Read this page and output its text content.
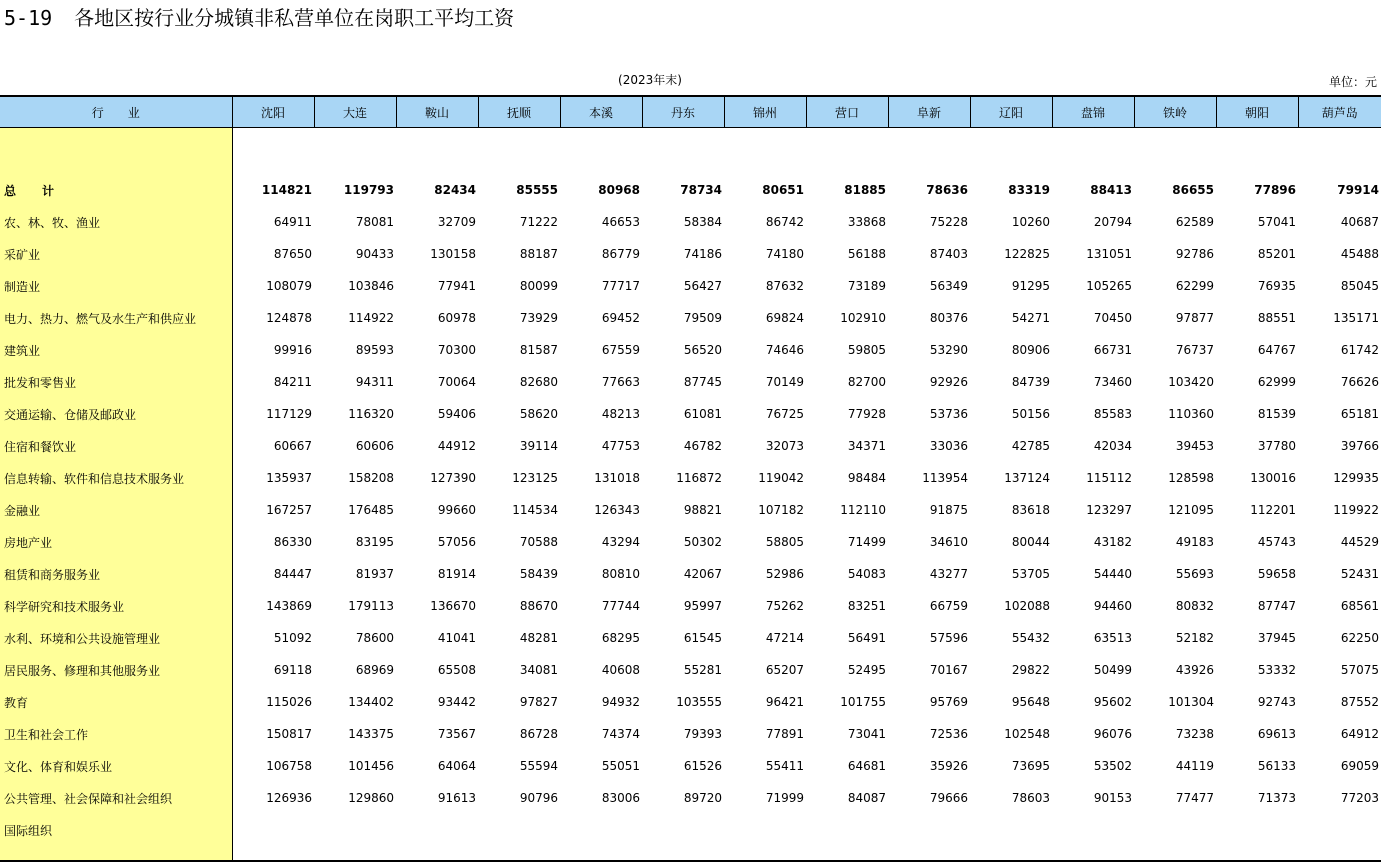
5-19 各地区按行业分城镇非私营单位在岗职工平均工资
(2023年末)	单位：元
行业	沈阳	大连	鞍山	抚顺	本溪	丹东	锦州	营口	阜新	辽阳	盘锦	铁岭	朝阳	葫芦岛

总计	114821	119793	82434	85555	80968	78734	80651	81885	78636	83319	88413	86655	77896	79914
农、林、牧、渔业	64911	78081	32709	71222	46653	58384	86742	33868	75228	10260	20794	62589	57041	40687
采矿业	87650	90433	130158	88187	86779	74186	74180	56188	87403	122825	131051	92786	85201	45488
制造业	108079	103846	77941	80099	77717	56427	87632	73189	56349	91295	105265	62299	76935	85045
电力、热力、燃气及水生产和供应业	124878	114922	60978	73929	69452	79509	69824	102910	80376	54271	70450	97877	88551	135171
建筑业	99916	89593	70300	81587	67559	56520	74646	59805	53290	80906	66731	76737	64767	61742
批发和零售业	84211	94311	70064	82680	77663	87745	70149	82700	92926	84739	73460	103420	62999	76626
交通运输、仓储及邮政业	117129	116320	59406	58620	48213	61081	76725	77928	53736	50156	85583	110360	81539	65181
住宿和餐饮业	60667	60606	44912	39114	47753	46782	32073	34371	33036	42785	42034	39453	37780	39766
信息转输、软件和信息技术服务业	135937	158208	127390	123125	131018	116872	119042	98484	113954	137124	115112	128598	130016	129935
金融业	167257	176485	99660	114534	126343	98821	107182	112110	91875	83618	123297	121095	112201	119922
房地产业	86330	83195	57056	70588	43294	50302	58805	71499	34610	80044	43182	49183	45743	44529
租赁和商务服务业	84447	81937	81914	58439	80810	42067	52986	54083	43277	53705	54440	55693	59658	52431
科学研究和技术服务业	143869	179113	136670	88670	77744	95997	75262	83251	66759	102088	94460	80832	87747	68561
水利、环境和公共设施管理业	51092	78600	41041	48281	68295	61545	47214	56491	57596	55432	63513	52182	37945	62250
居民服务、修理和其他服务业	69118	68969	65508	34081	40608	55281	65207	52495	70167	29822	50499	43926	53332	57075
教育	115026	134402	93442	97827	94932	103555	96421	101755	95769	95648	95602	101304	92743	87552
卫生和社会工作	150817	143375	73567	86728	74374	79393	77891	73041	72536	102548	96076	73238	69613	64912
文化、体育和娱乐业	106758	101456	64064	55594	55051	61526	55411	64681	35926	73695	53502	44119	56133	69059
公共管理、社会保障和社会组织	126936	129860	91613	90796	83006	89720	71999	84087	79666	78603	90153	77477	71373	77203
国际组织														
